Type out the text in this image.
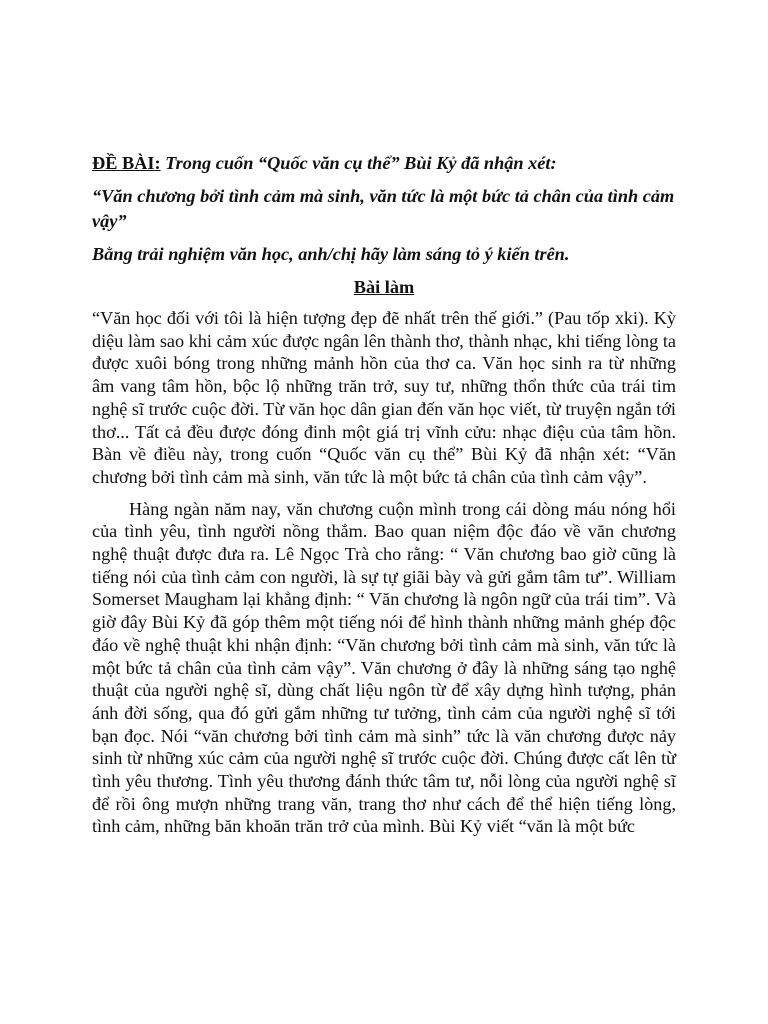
ĐỀ BÀI: Trong cuốn “Quốc văn cụ thể” Bùi Kỷ đã nhận xét:

“Văn chương bởi tình cảm mà sinh, văn tức là một bức tả chân của tình cảm vậy”

Bằng trải nghiệm văn học, anh/chị hãy làm sáng tỏ ý kiến trên.

Bài làm

“Văn học đối với tôi là hiện tượng đẹp đẽ nhất trên thế giới.” (Pau tốp xki). Kỳ diệu làm sao khi cảm xúc được ngân lên thành thơ, thành nhạc, khi tiếng lòng ta được xuôi bóng trong những mảnh hồn của thơ ca. Văn học sinh ra từ những âm vang tâm hồn, bộc lộ những trăn trở, suy tư, những thổn thức của trái tim nghệ sĩ trước cuộc đời. Từ văn học dân gian đến văn học viết, từ truyện ngắn tới thơ... Tất cả đều được đóng đinh một giá trị vĩnh cửu: nhạc điệu của tâm hồn. Bàn về điều này, trong cuốn “Quốc văn cụ thể” Bùi Kỷ đã nhận xét: “Văn chương bởi tình cảm mà sinh, văn tức là một bức tả chân của tình cảm vậy”.

Hàng ngàn năm nay, văn chương cuộn mình trong cái dòng máu nóng hổi của tình yêu, tình người nồng thắm. Bao quan niệm độc đáo về văn chương nghệ thuật được đưa ra. Lê Ngọc Trà cho rằng: “ Văn chương bao giờ cũng là tiếng nói của tình cảm con người, là sự tự giãi bày và gửi gắm tâm tư”. William Somerset Maugham lại khẳng định: “ Văn chương là ngôn ngữ của trái tim”. Và giờ đây Bùi Kỷ đã góp thêm một tiếng nói để hình thành những mảnh ghép độc đáo về nghệ thuật khi nhận định: “Văn chương bởi tình cảm mà sinh, văn tức là một bức tả chân của tình cảm vậy”. Văn chương ở đây là những sáng tạo nghệ thuật của người nghệ sĩ, dùng chất liệu ngôn từ để xây dựng hình tượng, phản ánh đời sống, qua đó gửi gắm những tư tưởng, tình cảm của người nghệ sĩ tới bạn đọc. Nói “văn chương bởi tình cảm mà sinh” tức là văn chương được nảy sinh từ những xúc cảm của người nghệ sĩ trước cuộc đời. Chúng được cất lên từ tình yêu thương. Tình yêu thương đánh thức tâm tư, nỗi lòng của người nghệ sĩ để rồi ông mượn những trang văn, trang thơ như cách để thể hiện tiếng lòng, tình cảm, những băn khoăn trăn trở của mình. Bùi Kỷ viết “văn là một bức
